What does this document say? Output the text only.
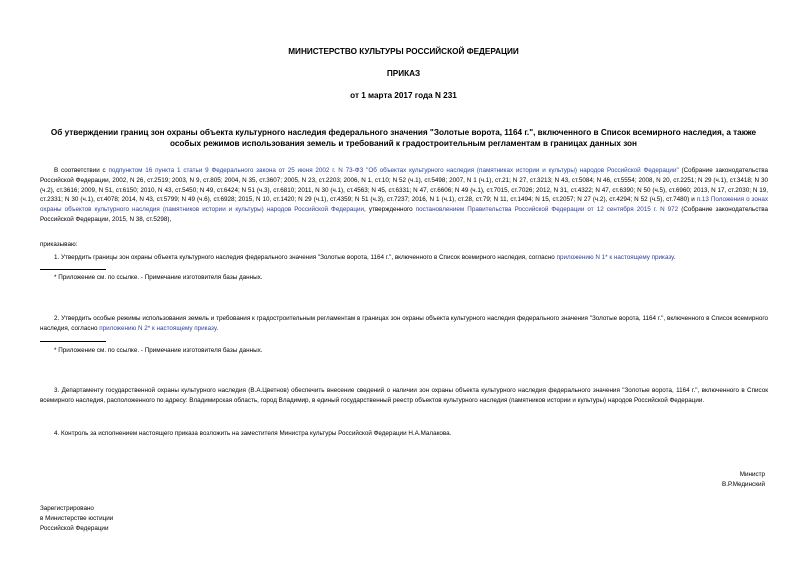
МИНИСТЕРСТВО КУЛЬТУРЫ РОССИЙСКОЙ ФЕДЕРАЦИИ
ПРИКАЗ
от 1 марта 2017 года N 231
Об утверждении границ зон охраны объекта культурного наследия федерального значения "Золотые ворота, 1164 г.", включенного в Список всемирного наследия, а также особых режимов использования земель и требований к градостроительным регламентам в границах данных зон
В соответствии с подпунктом 16 пункта 1 статьи 9 Федерального закона от 25 июня 2002 г. N 73-ФЗ "Об объектах культурного наследия (памятниках истории и культуры) народов Российской Федерации" (Собрание законодательства Российской Федерации, 2002, N 26, ст.2519; 2003, N 9, ст.805; 2004, N 35, ст.3607; 2005, N 23, ст.2203; 2006, N 1, ст.10; N 52 (ч.1), ст.5498; 2007, N 1 (ч.1), ст.21; N 27, ст.3213; N 43, ст.5084; N 46, ст.5554; 2008, N 20, ст.2251; N 29 (ч.1), ст.3418; N 30 (ч.2), ст.3616; 2009, N 51, ст.6150; 2010, N 43, ст.5450; N 49, ст.6424; N 51 (ч.3), ст.6810; 2011, N 30 (ч.1), ст.4563; N 45, ст.6331; N 47, ст.6606; N 49 (ч.1), ст.7015, ст.7026; 2012, N 31, ст.4322; N 47, ст.6390; N 50 (ч.5), ст.6960; 2013, N 17, ст.2030; N 19, ст.2331; N 30 (ч.1), ст.4078; 2014, N 43, ст.5799; N 49 (ч.6), ст.6928; 2015, N 10, ст.1420; N 29 (ч.1), ст.4359; N 51 (ч.3), ст.7237; 2016, N 1 (ч.1), ст.28, ст.79; N 11, ст.1494; N 15, ст.2057; N 27 (ч.2), ст.4294; N 52 (ч.5), ст.7480) и п.13 Положения о зонах охраны объектов культурного наследия (памятников истории и культуры) народов Российской Федерации, утвержденного постановлением Правительства Российской Федерации от 12 сентября 2015 г. N 972 (Собрание законодательства Российской Федерации, 2015, N 38, ст.5298),
приказываю:
1. Утвердить границы зон охраны объекта культурного наследия федерального значения "Золотые ворота, 1164 г.", включенного в Список всемирного наследия, согласно приложению N 1* к настоящему приказу.
* Приложение см. по ссылке. - Примечание изготовителя базы данных.
2. Утвердить особые режимы использования земель и требования к градостроительным регламентам в границах зон охраны объекта культурного наследия федерального значения "Золотые ворота, 1164 г.", включенного в Список всемирного наследия, согласно приложению N 2* к настоящему приказу.
* Приложение см. по ссылке. - Примечание изготовителя базы данных.
3. Департаменту государственной охраны культурного наследия (В.А.Цветнов) обеспечить внесение сведений о наличии зон охраны объекта культурного наследия федерального значения "Золотые ворота, 1164 г.", включенного в Список всемирного наследия, расположенного по адресу: Владимирская область, город Владимир, в единый государственный реестр объектов культурного наследия (памятников истории и культуры) народов Российской Федерации.
4. Контроль за исполнением настоящего приказа возложить на заместителя Министра культуры Российской Федерации Н.А.Малакова.
Министр
В.Р.Мединский
Зарегистрировано
в Министерстве юстиции
Российской Федерации
